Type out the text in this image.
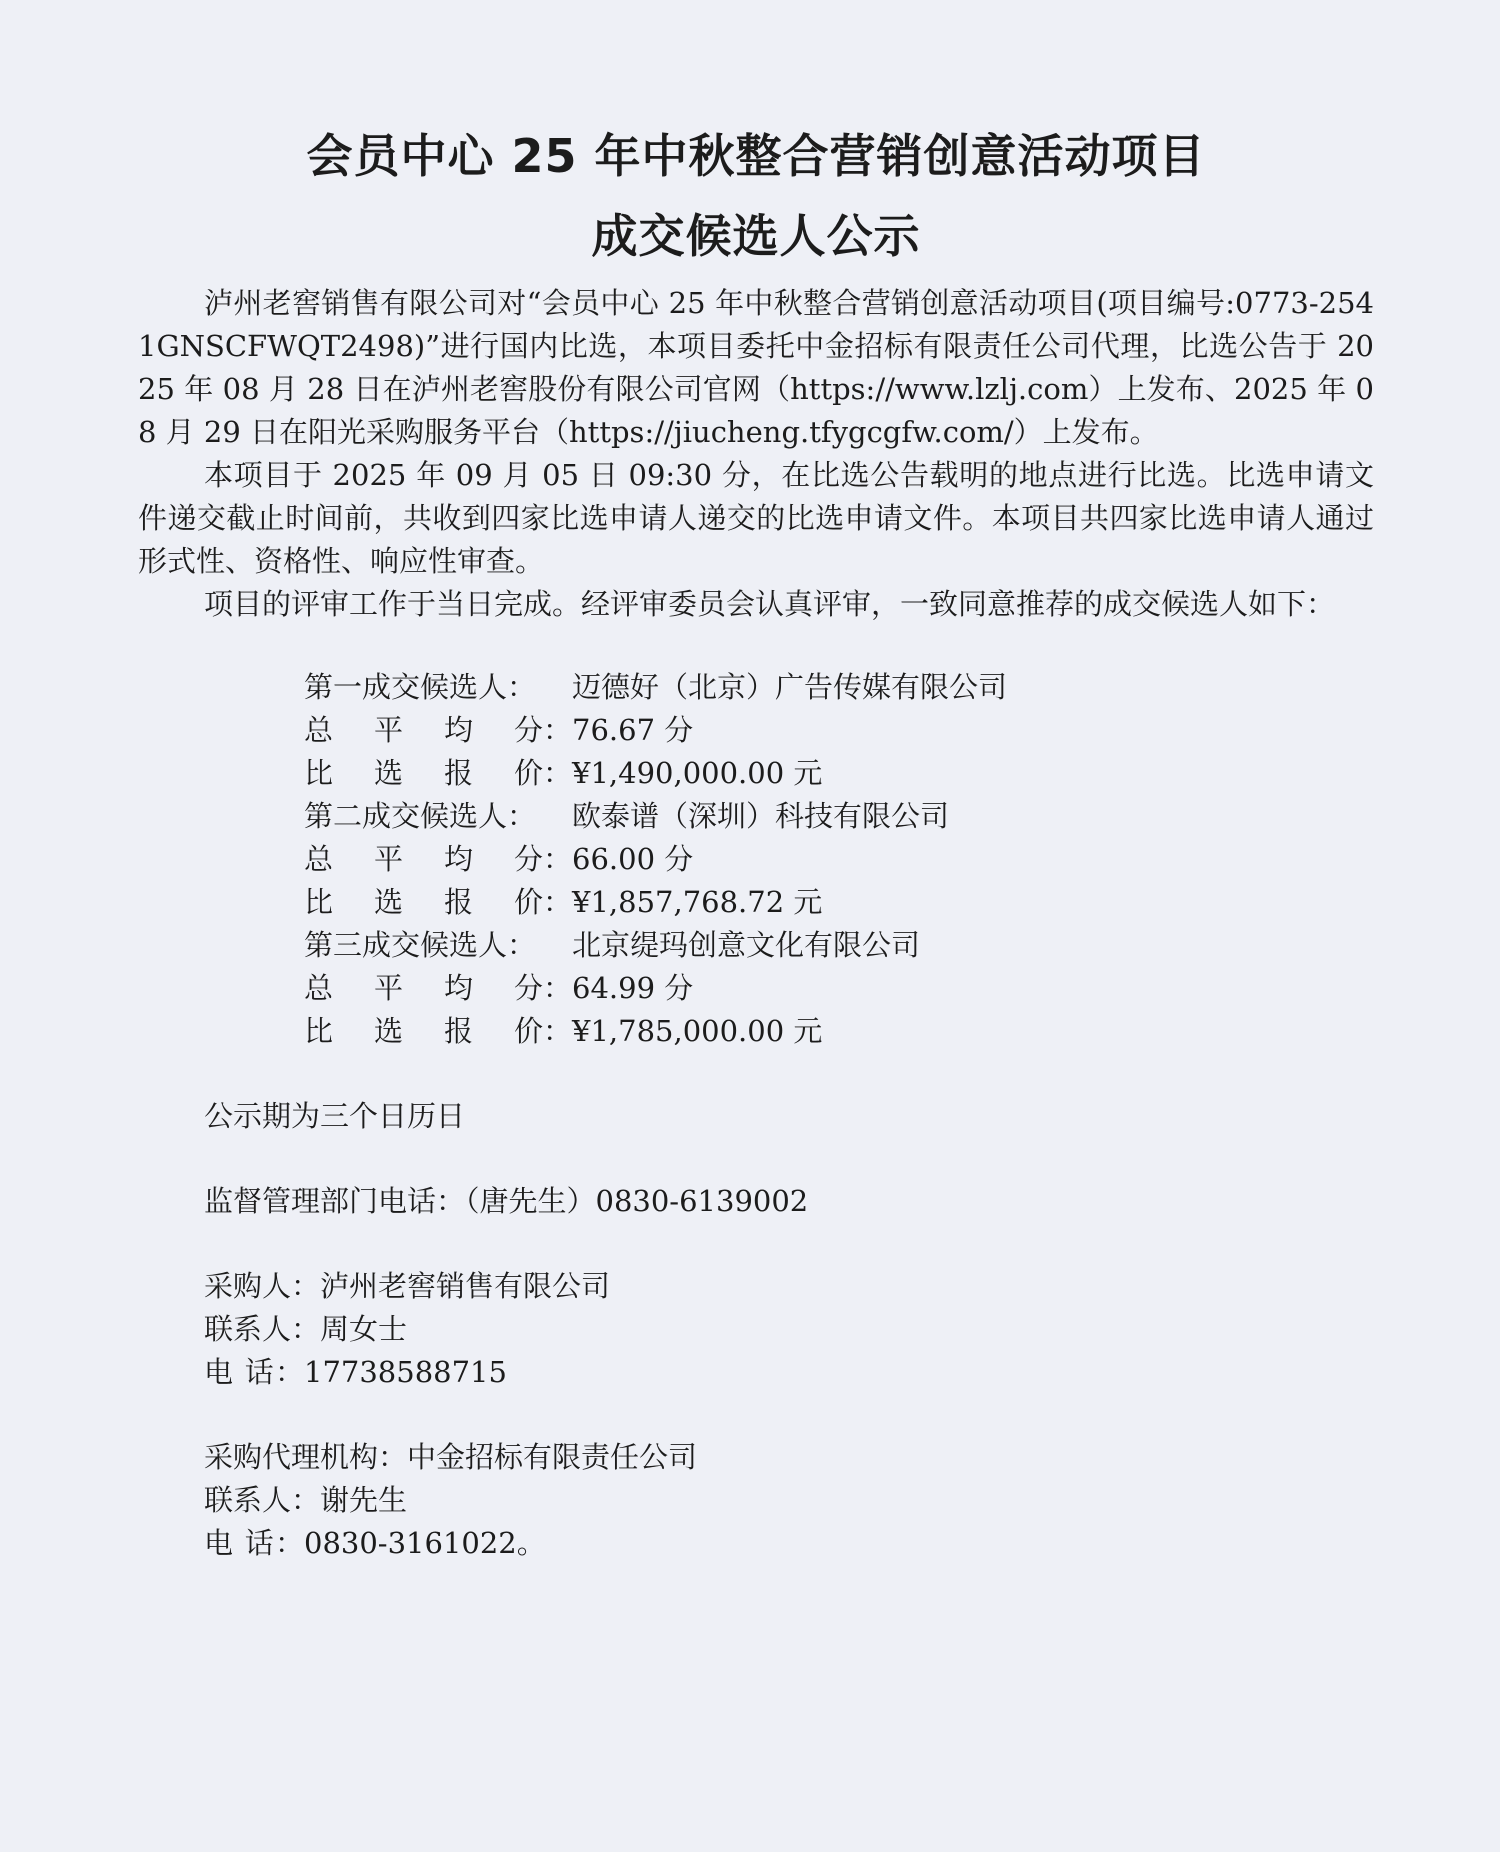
会员中心 25 年中秋整合营销创意活动项目
成交候选人公示

泸州老窖销售有限公司对“会员中心 25 年中秋整合营销创意活动项目(项目编号:0773-2541GNSCFWQT2498)”进行国内比选，本项目委托中金招标有限责任公司代理，比选公告于 2025 年 08 月 28 日在泸州老窖股份有限公司官网（https://www.lzlj.com）上发布、2025 年 08 月 29 日在阳光采购服务平台（https://jiucheng.tfygcgfw.com/）上发布。

本项目于 2025 年 09 月 05 日 09:30 分，在比选公告载明的地点进行比选。比选申请文件递交截止时间前，共收到四家比选申请人递交的比选申请文件。本项目共四家比选申请人通过形式性、资格性、响应性审查。

项目的评审工作于当日完成。经评审委员会认真评审，一致同意推荐的成交候选人如下：

第一成交候选人：	迈德好（北京）广告传媒有限公司
总 平 均 分： 76.67 分
比 选 报 价： ¥1,490,000.00 元
第二成交候选人：	欧泰谱（深圳）科技有限公司
总 平 均 分： 66.00 分
比 选 报 价： ¥1,857,768.72 元
第三成交候选人：	北京缇玛创意文化有限公司
总 平 均 分： 64.99 分
比 选 报 价： ¥1,785,000.00 元
公示期为三个日历日
监督管理部门电话：（唐先生）0830-6139002
采购人：泸州老窖销售有限公司
联系人：周女士
电 话：17738588715
采购代理机构：中金招标有限责任公司
联系人：谢先生
电 话：0830-3161022。
